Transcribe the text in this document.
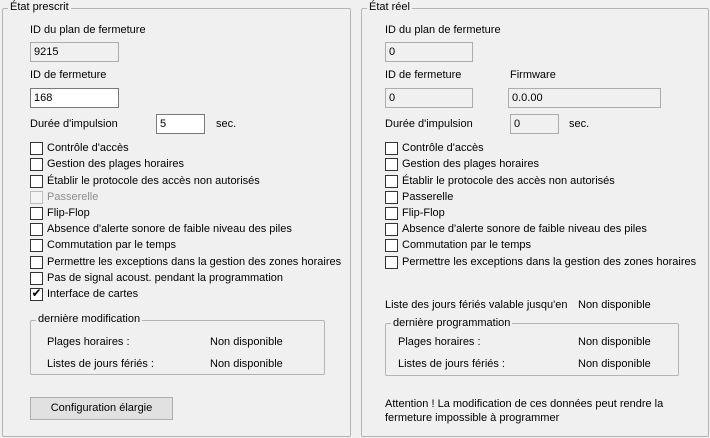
État prescrit
ID du plan de fermeture
9215
ID de fermeture
168
Durée d'impulsion	5	sec.
Contrôle d'accès
Gestion des plages horaires
Établir le protocole des accès non autorisés
Passerelle
Flip-Flop
Absence d'alerte sonore de faible niveau des piles
Commutation par le temps
Permettre les exceptions dans la gestion des zones horaires
Pas de signal acoust. pendant la programmation
✔ Interface de cartes
dernière modification
Plages horaires :	Non disponible
Listes de jours fériés :	Non disponible
Configuration élargie
État réel
ID du plan de fermeture
0
ID de fermeture	Firmware
0	0.0.00
Durée d'impulsion	0	sec.
Contrôle d'accès
Gestion des plages horaires
Établir le protocole des accès non autorisés
Passerelle
Flip-Flop
Absence d'alerte sonore de faible niveau des piles
Commutation par le temps
Permettre les exceptions dans la gestion des zones horaires
Liste des jours fériés valable jusqu'en Non disponible
dernière programmation
Plages horaires :	Non disponible
Listes de jours fériés :	Non disponible
Attention ! La modification de ces données peut rendre la
fermeture impossible à programmer
